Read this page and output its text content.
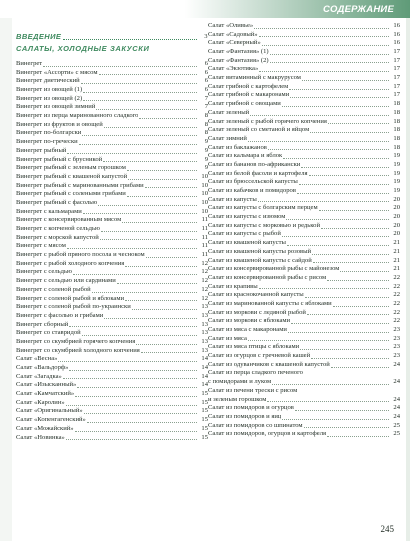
СОДЕРЖАНИЕ
ВВЕДЕНИЕ	3
САЛАТЫ, ХОЛОДНЫЕ ЗАКУСКИ
Винегрет	6
Винегрет «Ассорти» с мясом	6
Винегрет диетический	6
Винегрет из овощей (1)	6
Винегрет из овощей (2)	7
Винегрет из овощей зимний	7
Винегрет из перца маринованного сладкого	8
Винегрет из фруктов и овощей	8
Винегрет по-болгарски	8
Винегрет по-гречески	9
Винегрет рыбный	9
Винегрет рыбный с брусникой	9
Винегрет рыбный с зеленым горошком	9
Винегрет рыбный с квашеной капустой	10
Винегрет рыбный с маринованными грибами	10
Винегрет рыбный с солеными грибами	10
Винегрет рыбный с фасолью	10
Винегрет с кальмарами	10
Винегрет с консервированным мясом	11
Винегрет с копченой сельдью	11
Винегрет с морской капустой	11
Винегрет с мясом	11
Винегрет с рыбой пряного посола и чесноком	11
Винегрет с рыбой холодного копчения	12
Винегрет с сельдью	12
Винегрет с сельдью или сардинами	12
Винегрет с соленой рыбой	12
Винегрет с соленой рыбой и яблоками	12
Винегрет с соленой рыбой по-украински	13
Винегрет с фасолью и грибами	13
Винегрет сборный	13
Винегрет со ставридой	13
Винегрет со скумбрией горячего копчения	13
Винегрет со скумбрией холодного копчения	13
Салат «Весна»	14
Салат «Вальдорф»	14
Салат «Загадка»	14
Салат «Изысканный»	14
Салат «Камчатский»	15
Салат «Каролин»	15
Салат «Оригинальный»	15
Салат «Копенгагенский»	15
Салат «Можайский»	15
Салат «Новинка»	15
Салат «Оливье»	16
Салат «Садовый»	16
Салат «Северный»	16
Салат «Фантазия» (1)	17
Салат «Фантазия» (2)	17
Салат «Экзотика»	17
Салат витаминный с макрурусом	17
Салат грибной с картофелем	17
Салат грибной с макаронами	17
Салат грибной с овощами	18
Салат зеленый	18
Салат зеленый с рыбой горячего копчения	18
Салат зеленый со сметаной и яйцом	18
Салат зимний	18
Салат из баклажанов	18
Салат из кальмара и яблок	19
Салат из бананов по-африкански	19
Салат из белой фасоли и картофеля	19
Салат из брюссельской капусты	19
Салат из кабачков и помидоров	19
Салат из капусты	20
Салат из капусты с болгарским перцем	20
Салат из капусты с изюмом	20
Салат из капусты с морковью и редькой	20
Салат из капусты с рыбой	20
Салат из квашеной капусты	21
Салат из квашеной капусты розовый	21
Салат из квашеной капусты с сайдой	21
Салат из консервированной рыбы с майонезом	21
Салат из консервированной рыбы с рисом	22
Салат из крапивы	22
Салат из краснокочанной капусты	22
Салат из маринованной капусты с яблоками	22
Салат из моркови с ледяной рыбой	22
Салат из моркови с яблоками	22
Салат из мяса с макаронами	23
Салат из мяса	23
Салат из мяса птицы с яблоками	23
Салат из огурцов с гречневой кашей	23
Салат из одуванчиков с квашеной капустой	24
Салат из перца сладкого печеного
с помидорами и луком	24
Салат из печени трески с рисом
и зеленым горошком	24
Салат из помидоров и огурцов	24
Салат из помидоров и яиц	24
Салат из помидоров со шпинатом	25
Салат из помидоров, огурцов и картофеля	25
245
